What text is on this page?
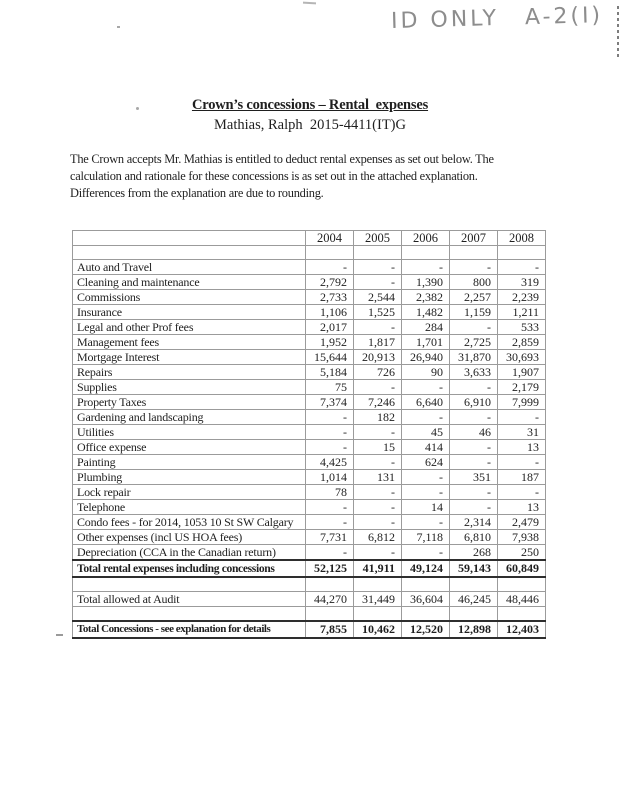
ID ONLY A-2(I)
Crown’s concessions – Rental  expenses
Mathias, Ralph  2015-4411(IT)G
The Crown accepts Mr. Mathias is entitled to deduct rental expenses as set out below. The
calculation and rationale for these concessions is as set out in the attached explanation.
Differences from the explanation are due to rounding.
	2004	2005	2006	2007	2008

Auto and Travel	-	-	-	-	-
Cleaning and maintenance	2,792	-	1,390	800	319
Commissions	2,733	2,544	2,382	2,257	2,239
Insurance	1,106	1,525	1,482	1,159	1,211
Legal and other Prof fees	2,017	-	284	-	533
Management fees	1,952	1,817	1,701	2,725	2,859
Mortgage Interest	15,644	20,913	26,940	31,870	30,693
Repairs	5,184	726	90	3,633	1,907
Supplies	75	-	-	-	2,179
Property Taxes	7,374	7,246	6,640	6,910	7,999
Gardening and landscaping	-	182	-	-	-
Utilities	-	-	45	46	31
Office expense	-	15	414	-	13
Painting	4,425	-	624	-	-
Plumbing	1,014	131	-	351	187
Lock repair	78	-	-	-	-
Telephone	-	-	14	-	13
Condo fees - for 2014, 1053 10 St SW Calgary	-	-	-	2,314	2,479
Other expenses (incl US HOA fees)	7,731	6,812	7,118	6,810	7,938
Depreciation (CCA in the Canadian return)	-	-	-	268	250
Total rental expenses including concessions	52,125	41,911	49,124	59,143	60,849

Total allowed at Audit	44,270	31,449	36,604	46,245	48,446

Total Concessions - see explanation for details	7,855	10,462	12,520	12,898	12,403
